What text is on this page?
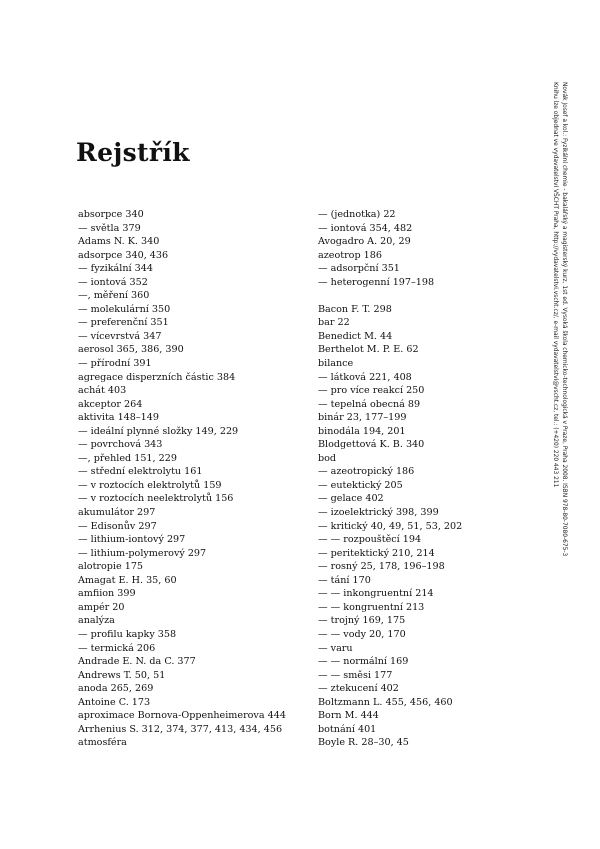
Rejstřík
absorpce 340
— světla 379
Adams N. K. 340
adsorpce 340, 436
— fyzikální 344
— iontová 352
—, měření 360
— molekulární 350
— preferenční 351
— vícevrstvá 347
aerosol 365, 386, 390
— přírodní 391
agregace disperzních částic 384
achát 403
akceptor 264
aktivita 148–149
— ideální plynné složky 149, 229
— povrchová 343
—, přehled 151, 229
— střední elektrolytu 161
— v roztocích elektrolytů 159
— v roztocích neelektrolytů 156
akumulátor 297
— Edisonův 297
— lithium-iontový 297
— lithium-polymerový 297
alotropie 175
Amagat E. H. 35, 60
amfiion 399
ampér 20
analýza
— profilu kapky 358
— termická 206
Andrade E. N. da C. 377
Andrews T. 50, 51
anoda 265, 269
Antoine C. 173
aproximace Bornova-Oppenheimerova 444
Arrhenius S. 312, 374, 377, 413, 434, 456
atmosféra
— (jednotka) 22
— iontová 354, 482
Avogadro A. 20, 29
azeotrop 186
— adsorpční 351
— heterogenní 197–198
Bacon F. T. 298
bar 22
Benedict M. 44
Berthelot M. P. E. 62
bilance
— látková 221, 408
— pro více reakcí 250
— tepelná obecná 89
binár 23, 177–199
binodála 194, 201
Blodgettová K. B. 340
bod
— azeotropický 186
— eutektický 205
— gelace 402
— izoelektrický 398, 399
— kritický 40, 49, 51, 53, 202
— — rozpouštěcí 194
— peritektický 210, 214
— rosný 25, 178, 196–198
— tání 170
— — inkongruentní 214
— — kongruentní 213
— trojný 169, 175
— — vody 20, 170
— varu
— — normální 169
— — směsi 177
— ztekucení 402
Boltzmann L. 455, 456, 460
Born M. 444
botnání 401
Boyle R. 28–30, 45
Novák Josef a kol.: Fyzikální chemie - bakalářský a magisterský kurz, 1st ed. Vysoká škola chemicko-technologická v Praze, Praha 2008. ISBN 978-80-7080-675-3
Knihu lze objednat ve vydavatelství VŠCHT Praha, http://vydavatelstvi.vscht.cz/, e-mail vydavatelstvi@vscht.cz, tel.: (+420) 220 443 211
